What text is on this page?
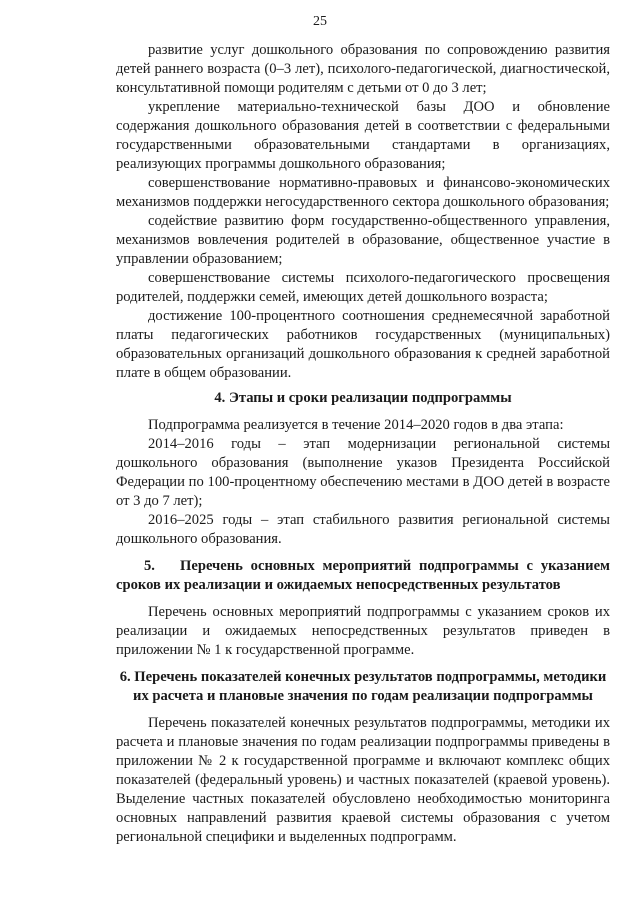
25

развитие услуг дошкольного образования по сопровождению развития детей раннего возраста (0–3 лет), психолого-педагогической, диагностической, консультативной помощи родителям с детьми от 0 до 3 лет;

укрепление материально-технической базы ДОО и обновление содержания дошкольного образования детей в соответствии с федеральными государственными образовательными стандартами в организациях, реализующих программы дошкольного образования;

совершенствование нормативно-правовых и финансово-экономических механизмов поддержки негосударственного сектора дошкольного образования;

содействие развитию форм государственно-общественного управления, механизмов вовлечения родителей в образование, общественное участие в управлении образованием;

совершенствование системы психолого-педагогического просвещения родителей, поддержки семей, имеющих детей дошкольного возраста;

достижение 100-процентного соотношения среднемесячной заработной платы педагогических работников государственных (муниципальных) образовательных организаций дошкольного образования к средней заработной плате в общем образовании.

4. Этапы и сроки реализации подпрограммы

Подпрограмма реализуется в течение 2014–2020 годов в два этапа:

2014–2016 годы – этап модернизации региональной системы дошкольного образования (выполнение указов Президента Российской Федерации по 100-процентному обеспечению местами в ДОО детей в возрасте от 3 до 7 лет);

2016–2025 годы – этап стабильного развития региональной системы дошкольного образования.

5. Перечень основных мероприятий подпрограммы с указанием сроков их реализации и ожидаемых непосредственных результатов

Перечень основных мероприятий подпрограммы с указанием сроков их реализации и ожидаемых непосредственных результатов приведен в приложении № 1 к государственной программе.

6. Перечень показателей конечных результатов подпрограммы, методики их расчета и плановые значения по годам реализации подпрограммы

Перечень показателей конечных результатов подпрограммы, методики их расчета и плановые значения по годам реализации подпрограммы приведены в приложении № 2 к государственной программе и включают комплекс общих показателей (федеральный уровень) и частных показателей (краевой уровень). Выделение частных показателей обусловлено необходимостью мониторинга основных направлений развития краевой системы образования с учетом региональной специфики и выделенных подпрограмм.
